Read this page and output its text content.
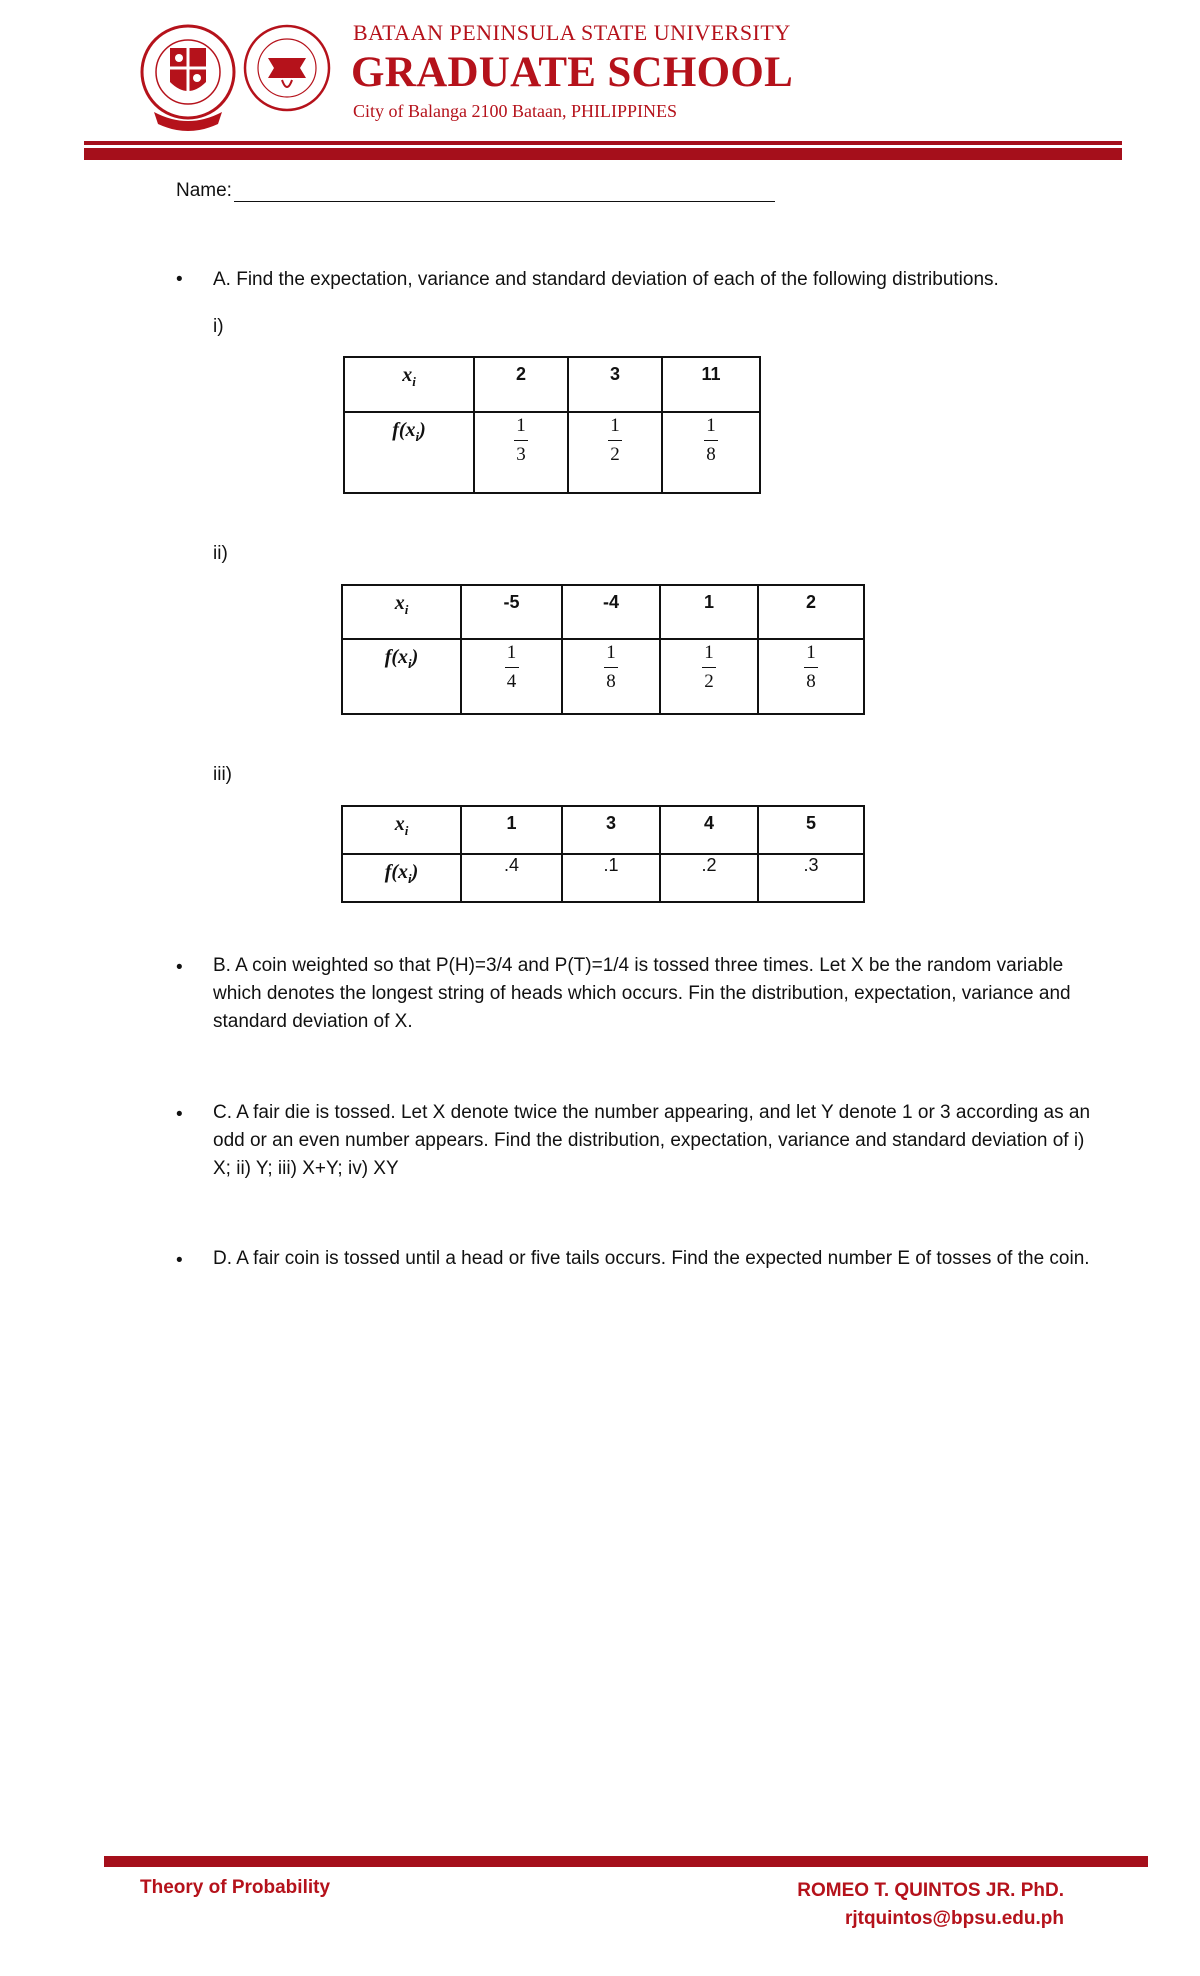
BATAAN PENINSULA STATE UNIVERSITY
GRADUATE SCHOOL
City of Balanga 2100 Bataan, PHILIPPINES
Name:
• A. Find the expectation, variance and standard deviation of each of the following distributions.
i)
$x_i$	2	3	11
$f(x_i)$	$\frac{1}{3}$	$\frac{1}{2}$	$\frac{1}{8}$
ii)
$x_i$	-5	-4	1	2
$f(x_i)$	$\frac{1}{4}$	$\frac{1}{8}$	$\frac{1}{2}$	$\frac{1}{8}$
iii)
$x_i$	1	3	4	5
$f(x_i)$	.4	.1	.2	.3
• B. A coin weighted so that P(H)=3/4 and P(T)=1/4 is tossed three times. Let X be the random variable which denotes the longest string of heads which occurs. Fin the distribution, expectation, variance and standard deviation of X.
• C. A fair die is tossed. Let X denote twice the number appearing, and let Y denote 1 or 3 according as an odd or an even number appears. Find the distribution, expectation, variance and standard deviation of i) X; ii) Y; iii) X+Y; iv) XY
• D. A fair coin is tossed until a head or five tails occurs. Find the expected number E of tosses of the coin.
Theory of Probability	ROMEO T. QUINTOS JR. PhD.
rjtquintos@bpsu.edu.ph
